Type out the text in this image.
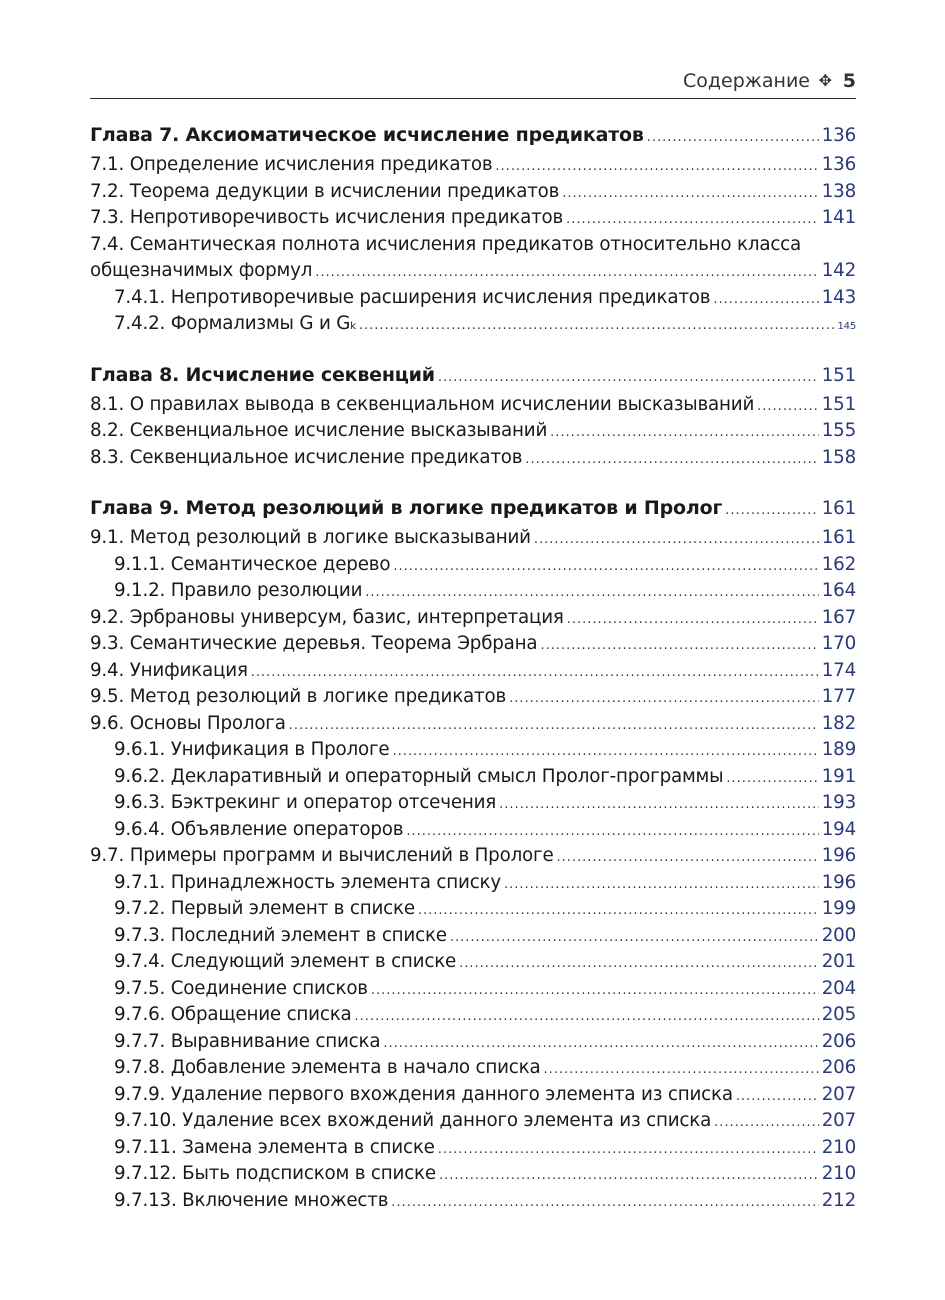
Содержание ✥ 5
Глава 7. Аксиоматическое исчисление предикатов .....	136
7.1. Определение исчисления предикатов .....	136
7.2. Теорема дедукции в исчислении предикатов .....	138
7.3. Непротиворечивость исчисления предикатов .....	141
7.4. Семантическая полнота исчисления предикатов относительно класса
общезначимых формул .....	142
7.4.1. Непротиворечивые расширения исчисления предикатов .....	143
7.4.2. Формализмы G и G k .....	145
Глава 8. Исчисление секвенций .....	151
8.1. О правилах вывода в секвенциальном исчислении высказываний .....	151
8.2. Секвенциальное исчисление высказываний .....	155
8.3. Секвенциальное исчисление предикатов .....	158
Глава 9. Метод резолюций в логике предикатов и Пролог .....	161
9.1. Метод резолюций в логике высказываний .....	161
9.1.1. Семантическое дерево .....	162
9.1.2. Правило резолюции .....	164
9.2. Эрбрановы универсум, базис, интерпретация .....	167
9.3. Семантические деревья. Теорема Эрбрана .....	170
9.4. Унификация .....	174
9.5. Метод резолюций в логике предикатов .....	177
9.6. Основы Пролога .....	182
9.6.1. Унификация в Прологе .....	189
9.6.2. Декларативный и операторный смысл Пролог-программы .....	191
9.6.3. Бэктрекинг и оператор отсечения .....	193
9.6.4. Объявление операторов .....	194
9.7. Примеры программ и вычислений в Прологе .....	196
9.7.1. Принадлежность элемента списку .....	196
9.7.2. Первый элемент в списке .....	199
9.7.3. Последний элемент в списке .....	200
9.7.4. Следующий элемент в списке .....	201
9.7.5. Соединение списков .....	204
9.7.6. Обращение списка .....	205
9.7.7. Выравнивание списка .....	206
9.7.8. Добавление элемента в начало списка .....	206
9.7.9. Удаление первого вхождения данного элемента из списка .....	207
9.7.10. Удаление всех вхождений данного элемента из списка .....	207
9.7.11. Замена элемента в списке .....	210
9.7.12. Быть подсписком в списке .....	210
9.7.13. Включение множеств .....	212
